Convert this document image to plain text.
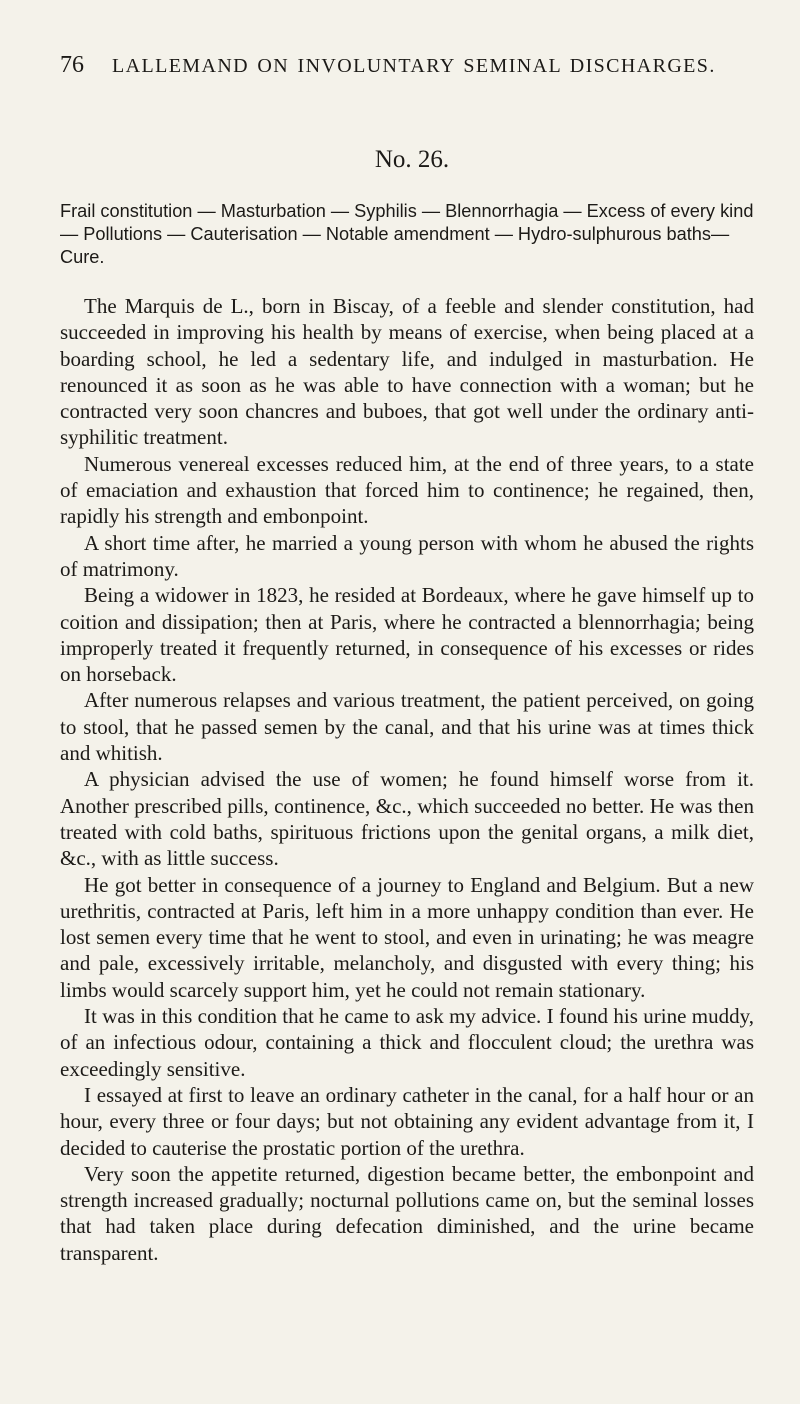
76	LALLEMAND ON INVOLUNTARY SEMINAL DISCHARGES.
No. 26.

Frail constitution — Masturbation — Syphilis — Blennorrhagia — Excess of every kind — Pollutions — Cauterisation — Notable amendment — Hydro-sulphurous baths—Cure.

The Marquis de L., born in Biscay, of a feeble and slender constitution, had succeeded in improving his health by means of exercise, when being placed at a boarding school, he led a sedentary life, and indulged in masturbation. He renounced it as soon as he was able to have connection with a woman; but he contracted very soon chancres and buboes, that got well under the ordinary anti-syphilitic treatment.

Numerous venereal excesses reduced him, at the end of three years, to a state of emaciation and exhaustion that forced him to continence; he regained, then, rapidly his strength and embonpoint.

A short time after, he married a young person with whom he abused the rights of matrimony.

Being a widower in 1823, he resided at Bordeaux, where he gave himself up to coition and dissipation; then at Paris, where he contracted a blennorrhagia; being improperly treated it frequently returned, in consequence of his excesses or rides on horseback.

After numerous relapses and various treatment, the patient perceived, on going to stool, that he passed semen by the canal, and that his urine was at times thick and whitish.

A physician advised the use of women; he found himself worse from it. Another prescribed pills, continence, &c., which succeeded no better. He was then treated with cold baths, spirituous frictions upon the genital organs, a milk diet, &c., with as little success.

He got better in consequence of a journey to England and Belgium. But a new urethritis, contracted at Paris, left him in a more unhappy condition than ever. He lost semen every time that he went to stool, and even in urinating; he was meagre and pale, excessively irritable, melancholy, and disgusted with every thing; his limbs would scarcely support him, yet he could not remain stationary.

It was in this condition that he came to ask my advice. I found his urine muddy, of an infectious odour, containing a thick and flocculent cloud; the urethra was exceedingly sensitive.

I essayed at first to leave an ordinary catheter in the canal, for a half hour or an hour, every three or four days; but not obtaining any evident advantage from it, I decided to cauterise the prostatic portion of the urethra.

Very soon the appetite returned, digestion became better, the embonpoint and strength increased gradually; nocturnal pollutions came on, but the seminal losses that had taken place during defecation diminished, and the urine became transparent.
